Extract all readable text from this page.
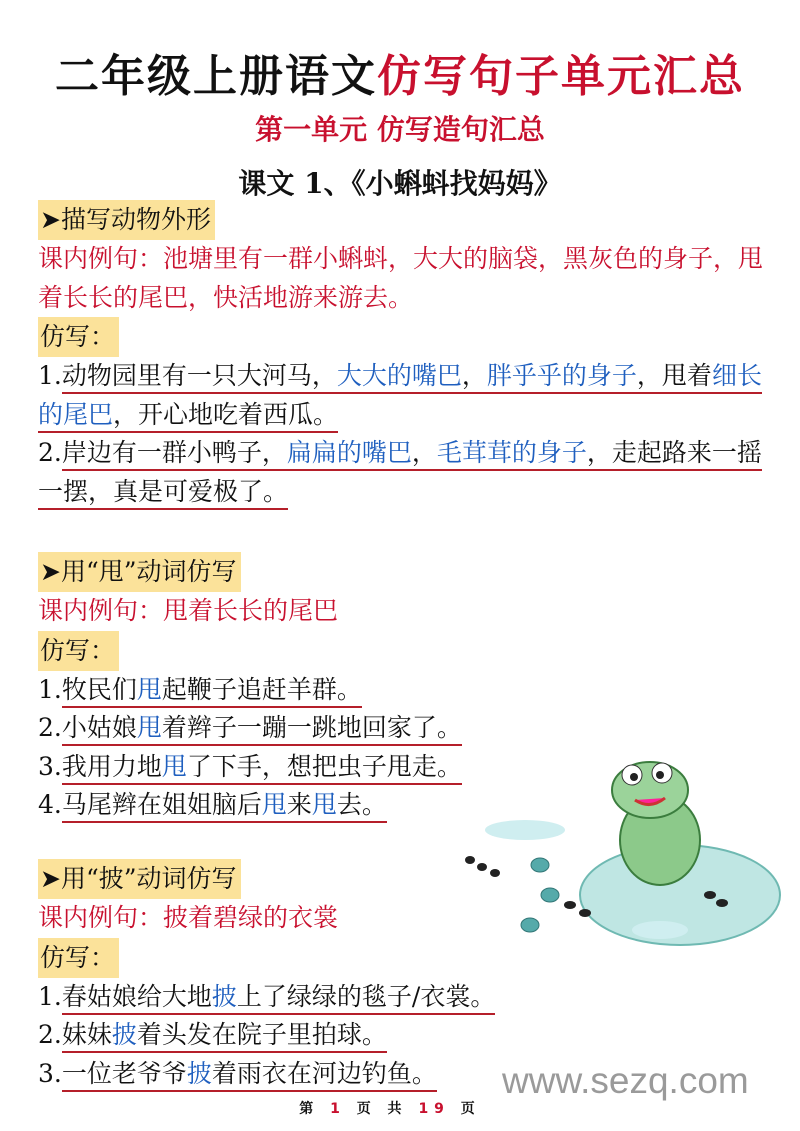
二年级上册语文仿写句子单元汇总
第一单元 仿写造句汇总
课文 1、《小蝌蚪找妈妈》
➤描写动物外形
课内例句：池塘里有一群小蝌蚪，大大的脑袋，黑灰色的身子，甩着长长的尾巴，快活地游来游去。
仿写：
1.动物园里有一只大河马，大大的嘴巴，胖乎乎的身子，甩着细长的尾巴，开心地吃着西瓜。
2.岸边有一群小鸭子，扁扁的嘴巴，毛茸茸的身子，走起路来一摇一摆，真是可爱极了。
➤用“甩”动词仿写
课内例句：甩着长长的尾巴
仿写：
1.牧民们甩起鞭子追赶羊群。
2.小姑娘甩着辫子一蹦一跳地回家了。
3.我用力地甩了下手，想把虫子甩走。
4.马尾辫在姐姐脑后甩来甩去。
➤用“披”动词仿写
课内例句：披着碧绿的衣裳
仿写：
1.春姑娘给大地披上了绿绿的毯子/衣裳。
2.妹妹披着头发在院子里拍球。
3.一位老爷爷披着雨衣在河边钓鱼。	www.sezq.com
第 1 页 共 19 页
